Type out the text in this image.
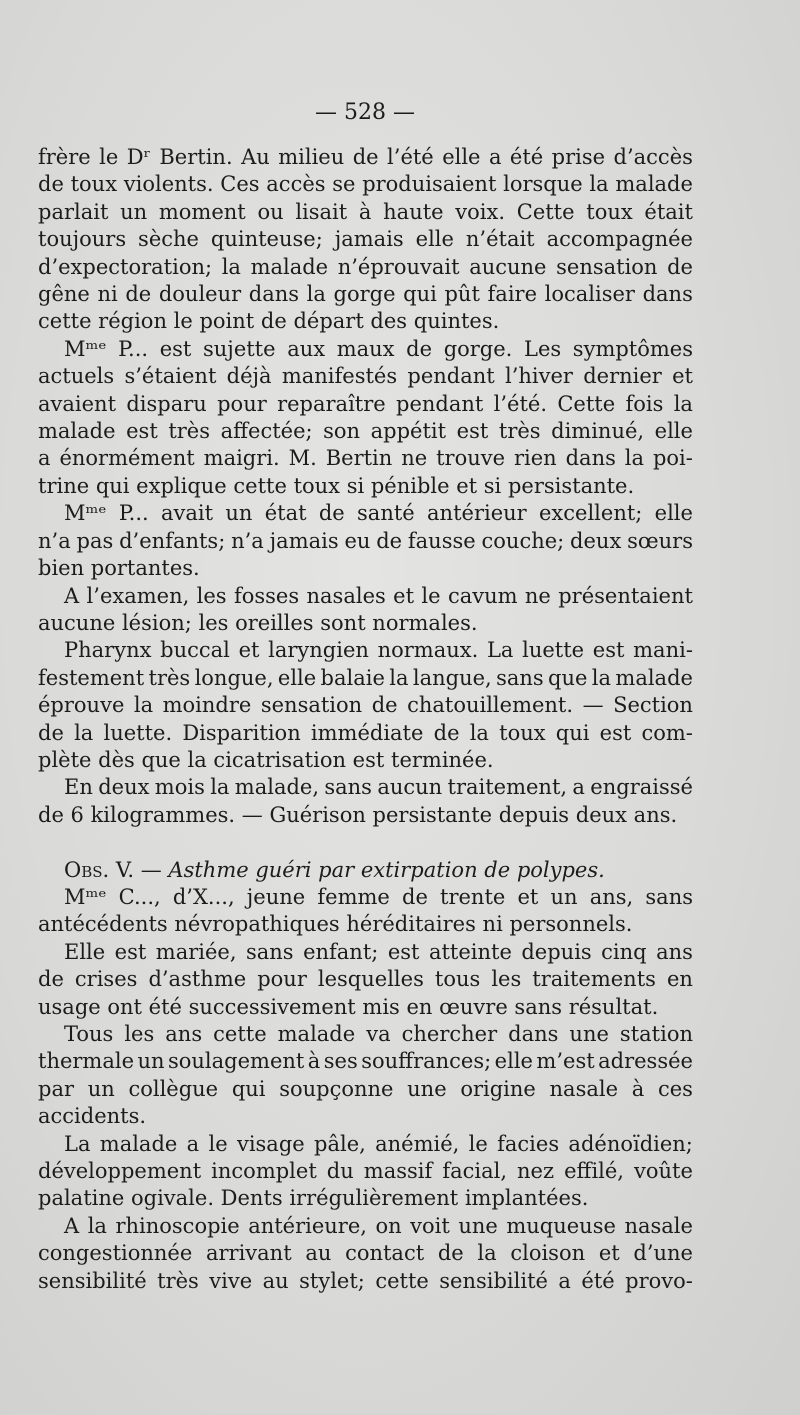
— 528 —
frère le Dʳ Bertin. Au milieu de l’été elle a été prise d’accès
de toux violents. Ces accès se produisaient lorsque la malade
parlait un moment ou lisait à haute voix. Cette toux était
toujours sèche quinteuse; jamais elle n’était accompagnée
d’expectoration; la malade n’éprouvait aucune sensation de
gêne ni de douleur dans la gorge qui pût faire localiser dans
cette région le point de départ des quintes.
Mᵐᵉ P... est sujette aux maux de gorge. Les symptômes
actuels s’étaient déjà manifestés pendant l’hiver dernier et
avaient disparu pour reparaître pendant l’été. Cette fois la
malade est très affectée; son appétit est très diminué, elle
a énormément maigri. M. Bertin ne trouve rien dans la poi-
trine qui explique cette toux si pénible et si persistante.
Mᵐᵉ P... avait un état de santé antérieur excellent; elle
n’a pas d’enfants; n’a jamais eu de fausse couche; deux sœurs
bien portantes.
A l’examen, les fosses nasales et le cavum ne présentaient
aucune lésion; les oreilles sont normales.
Pharynx buccal et laryngien normaux. La luette est mani-
festement très longue, elle balaie la langue, sans que la malade
éprouve la moindre sensation de chatouillement. — Section
de la luette. Disparition immédiate de la toux qui est com-
plète dès que la cicatrisation est terminée.
En deux mois la malade, sans aucun traitement, a engraissé
de 6 kilogrammes. — Guérison persistante depuis deux ans.
Obs. V.
—
Asthme guéri par extirpation de polypes.
Mᵐᵉ C..., d’X..., jeune femme de trente et un ans, sans
antécédents névropathiques héréditaires ni personnels.
Elle est mariée, sans enfant; est atteinte depuis cinq ans
de crises d’asthme pour lesquelles tous les traitements en
usage ont été successivement mis en œuvre sans résultat.
Tous les ans cette malade va chercher dans une station
thermale un soulagement à ses souffrances; elle m’est adressée
par un collègue qui soupçonne une origine nasale à ces
accidents.
La malade a le visage pâle, anémié, le facies adénoïdien;
développement incomplet du massif facial, nez effilé, voûte
palatine ogivale. Dents irrégulièrement implantées.
A la rhinoscopie antérieure, on voit une muqueuse nasale
congestionnée arrivant au contact de la cloison et d’une
sensibilité très vive au stylet; cette sensibilité a été provo-
